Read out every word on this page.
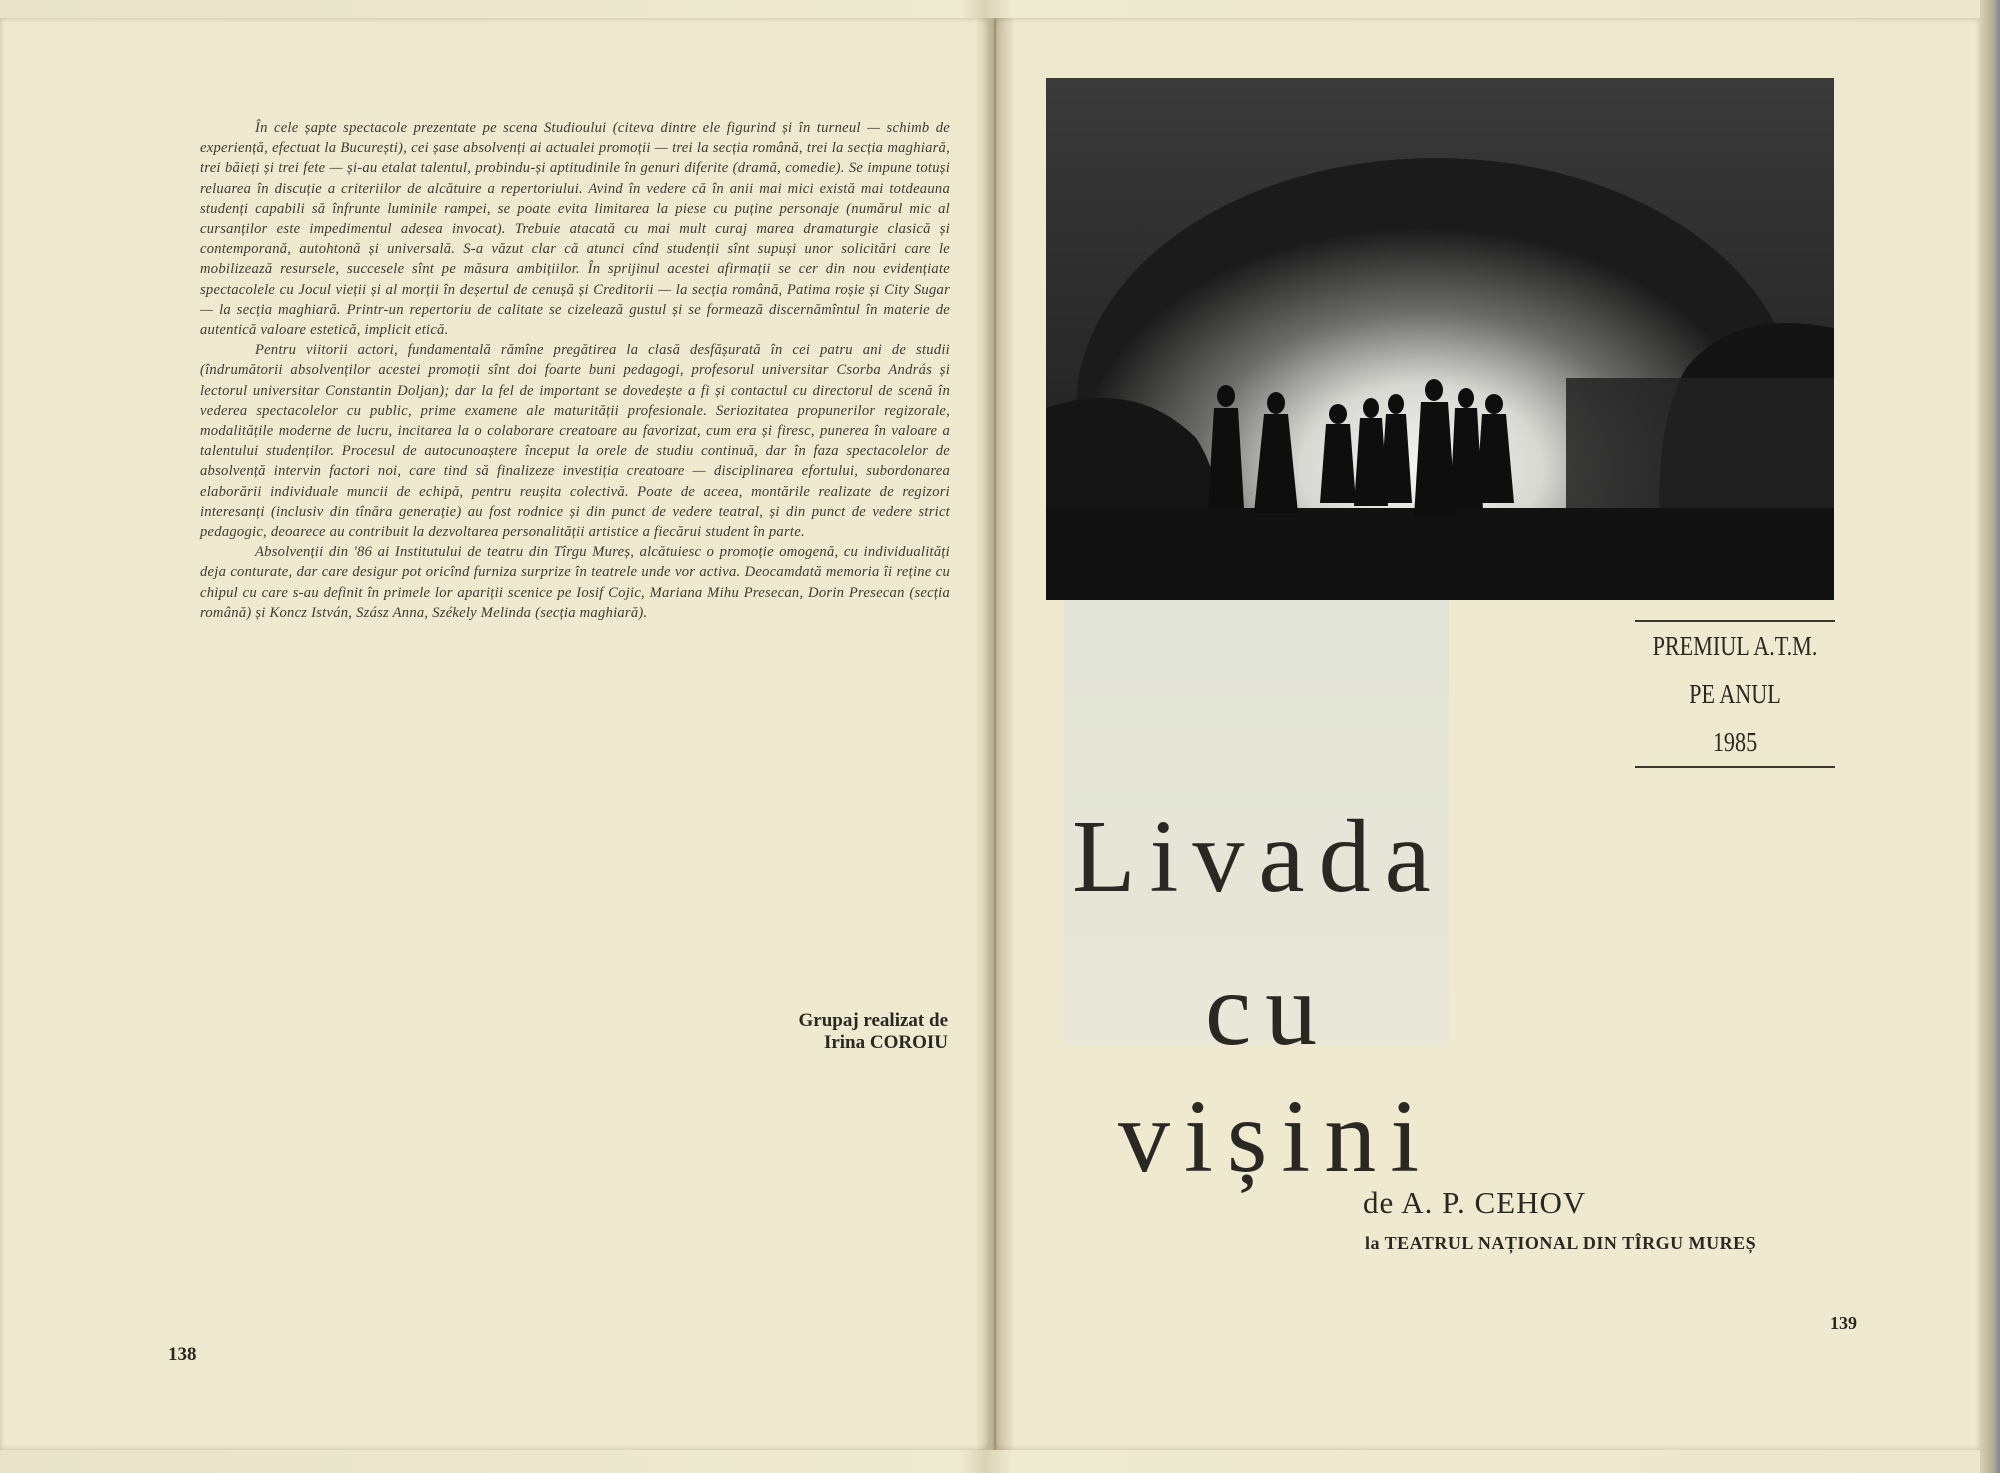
În cele șapte spectacole prezentate pe scena Studioului (citeva dintre ele figurind și în turneul — schimb de experiență, efectuat la București), cei șase absolvenți ai actualei promoții — trei la secția română, trei la secția maghiară, trei băieți și trei fete — și-au etalat talentul, probindu-și aptitudinile în genuri diferite (dramă, comedie). Se impune totuși reluarea în discuție a criteriilor de alcătuire a repertoriului. Avind în vedere că în anii mai mici există mai totdeauna studenți capabili să înfrunte luminile rampei, se poate evita limitarea la piese cu puține personaje (numărul mic al cursanților este impedimentul adesea invocat). Trebuie atacată cu mai mult curaj marea dramaturgie clasică și contemporană, autohtonă și universală. S-a văzut clar că atunci cînd studenții sînt supuși unor solicitări care le mobilizează resursele, succesele sînt pe măsura ambițiilor. În sprijinul acestei afirmații se cer din nou evidențiate spectacolele cu Jocul vieții și al morții în deșertul de cenușă și Creditorii — la secția română, Patima roșie și City Sugar — la secția maghiară. Printr-un repertoriu de calitate se cizelează gustul și se formează discernămîntul în materie de autentică valoare estetică, implicit etică.

Pentru viitorii actori, fundamentală rămîne pregătirea la clasă desfășurată în cei patru ani de studii (îndrumătorii absolvenților acestei promoții sînt doi foarte buni pedagogi, profesorul universitar Csorba András și lectorul universitar Constantin Doljan); dar la fel de important se dovedește a fi și contactul cu directorul de scenă în vederea spectacolelor cu public, prime examene ale maturității profesionale. Seriozitatea propunerilor regizorale, modalitățile moderne de lucru, incitarea la o colaborare creatoare au favorizat, cum era și firesc, punerea în valoare a talentului studenților. Procesul de autocunoaștere început la orele de studiu continuă, dar în faza spectacolelor de absolvență intervin factori noi, care tind să finalizeze investiția creatoare — disciplinarea efortului, subordonarea elaborării individuale muncii de echipă, pentru reușita colectivă. Poate de aceea, montările realizate de regizori interesanți (inclusiv din tînăra generație) au fost rodnice și din punct de vedere teatral, și din punct de vedere strict pedagogic, deoarece au contribuit la dezvoltarea personalității artistice a fiecărui student în parte.

Absolvenții din '86 ai Institutului de teatru din Tîrgu Mureș, alcătuiesc o promoție omogenă, cu individualități deja conturate, dar care desigur pot oricînd furniza surprize în teatrele unde vor activa. Deocamdată memoria îi reține cu chipul cu care s-au definit în primele lor apariții scenice pe Iosif Cojic, Mariana Mihu Presecan, Dorin Presecan (secția română) și Koncz István, Szász Anna, Székely Melinda (secția maghiară).

Grupaj realizat de
Irina COROIU
138
PREMIUL A.T.M.
PE ANUL
1985
Livada
cu
vișini
de A. P. CEHOV
la TEATRUL NAȚIONAL DIN TÎRGU MUREȘ
139
